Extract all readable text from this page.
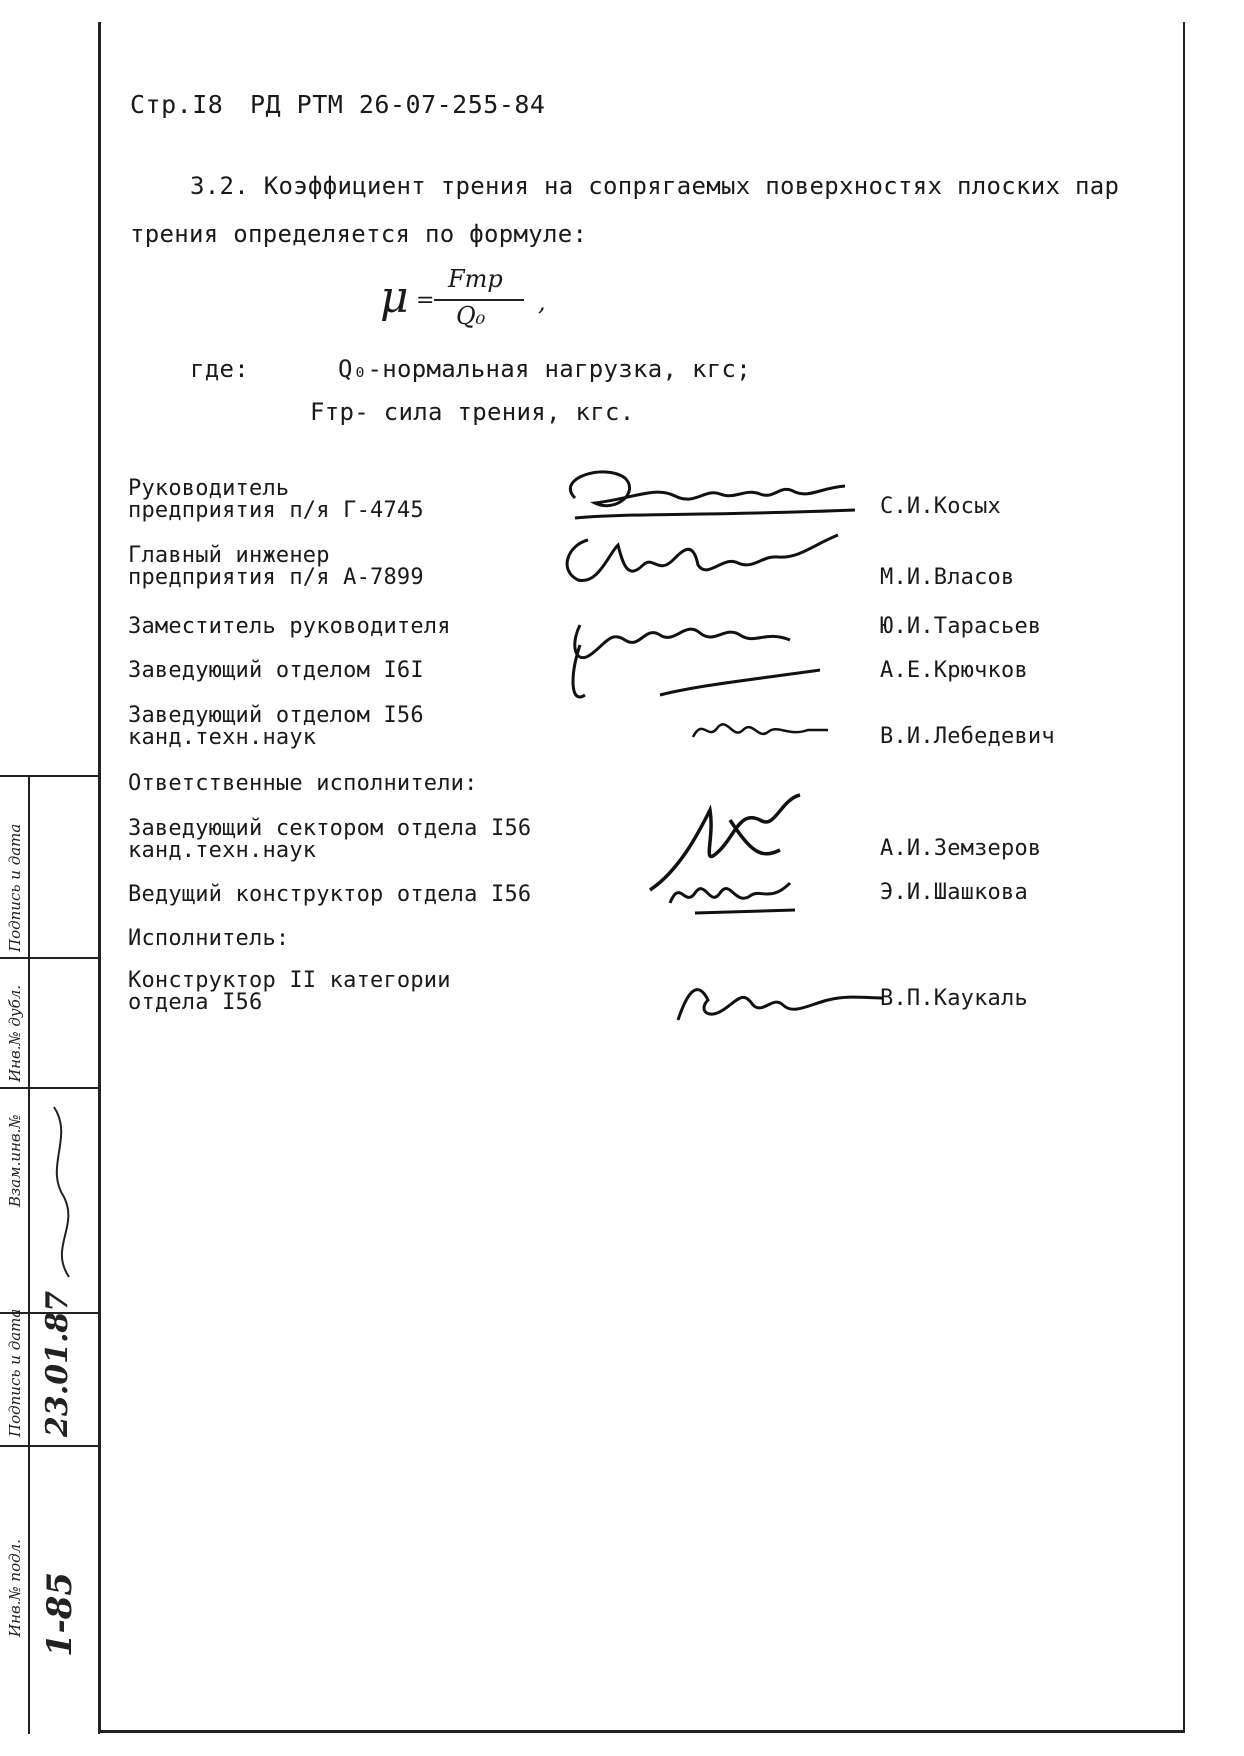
Стр.I8 РД РТМ 26-07-255-84
3.2. Коэффициент трения на сопрягаемых поверхностях плоских пар
трения определяется по формуле:
μ =
Fтр
Q₀ ,
где:	Q₀-нормальная нагрузка, кгс;
Fтр- сила трения, кгс.
Руководитель
предприятия п/я Г-4745	С.И.Косых
Главный инженер
предприятия п/я А-7899	М.И.Власов
Заместитель руководителя	Ю.И.Тарасьев
Заведующий отделом I6I	А.Е.Крючков
Заведующий отделом I56
канд.техн.наук	В.И.Лебедевич
Ответственные исполнители:
Заведующий сектором отдела I56
канд.техн.наук	А.И.Земзеров
Ведущий конструктор отдела I56	Э.И.Шашкова
Исполнитель:
Конструктор II категории
отдела I56	В.П.Каукаль
Подпись и дата
Инв.№ дубл.
Взам.инв.№
Подпись и дата
Инв.№ подл.
23.01.87
1-85
